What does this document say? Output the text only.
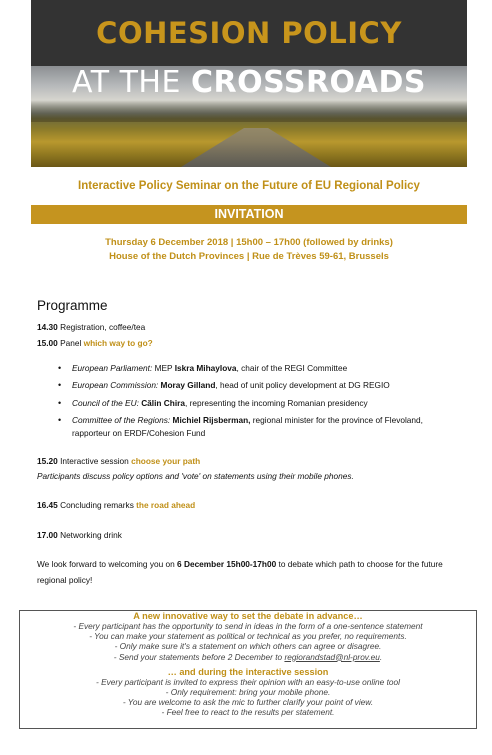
COHESION POLICY
AT THE CROSSROADS
Interactive Policy Seminar on the Future of EU Regional Policy
INVITATION
Thursday 6 December 2018 | 15h00 – 17h00 (followed by drinks)
House of the Dutch Provinces | Rue de Trèves 59-61, Brussels
Programme
14.30 Registration, coffee/tea
15.00 Panel which way to go?
• European Parliament: MEP Iskra Mihaylova, chair of the REGI Committee
• European Commission: Moray Gilland, head of unit policy development at DG REGIO
• Council of the EU: Călin Chira, representing the incoming Romanian presidency
• Committee of the Regions: Michiel Rijsberman, regional minister for the province of Flevoland, rapporteur on ERDF/Cohesion Fund
15.20 Interactive session choose your path
Participants discuss policy options and 'vote' on statements using their mobile phones.
16.45 Concluding remarks the road ahead
17.00 Networking drink
We look forward to welcoming you on 6 December 15h00-17h00 to debate which path to choose for the future regional policy!
A new innovative way to set the debate in advance…
- Every participant has the opportunity to send in ideas in the form of a one-sentence statement
- You can make your statement as political or technical as you prefer, no requirements.
- Only make sure it's a statement on which others can agree or disagree.
- Send your statements before 2 December to regiorandstad@nl-prov.eu.
… and during the interactive session
- Every participant is invited to express their opinion with an easy-to-use online tool
- Only requirement: bring your mobile phone.
- You are welcome to ask the mic to further clarify your point of view.
- Feel free to react to the results per statement.
